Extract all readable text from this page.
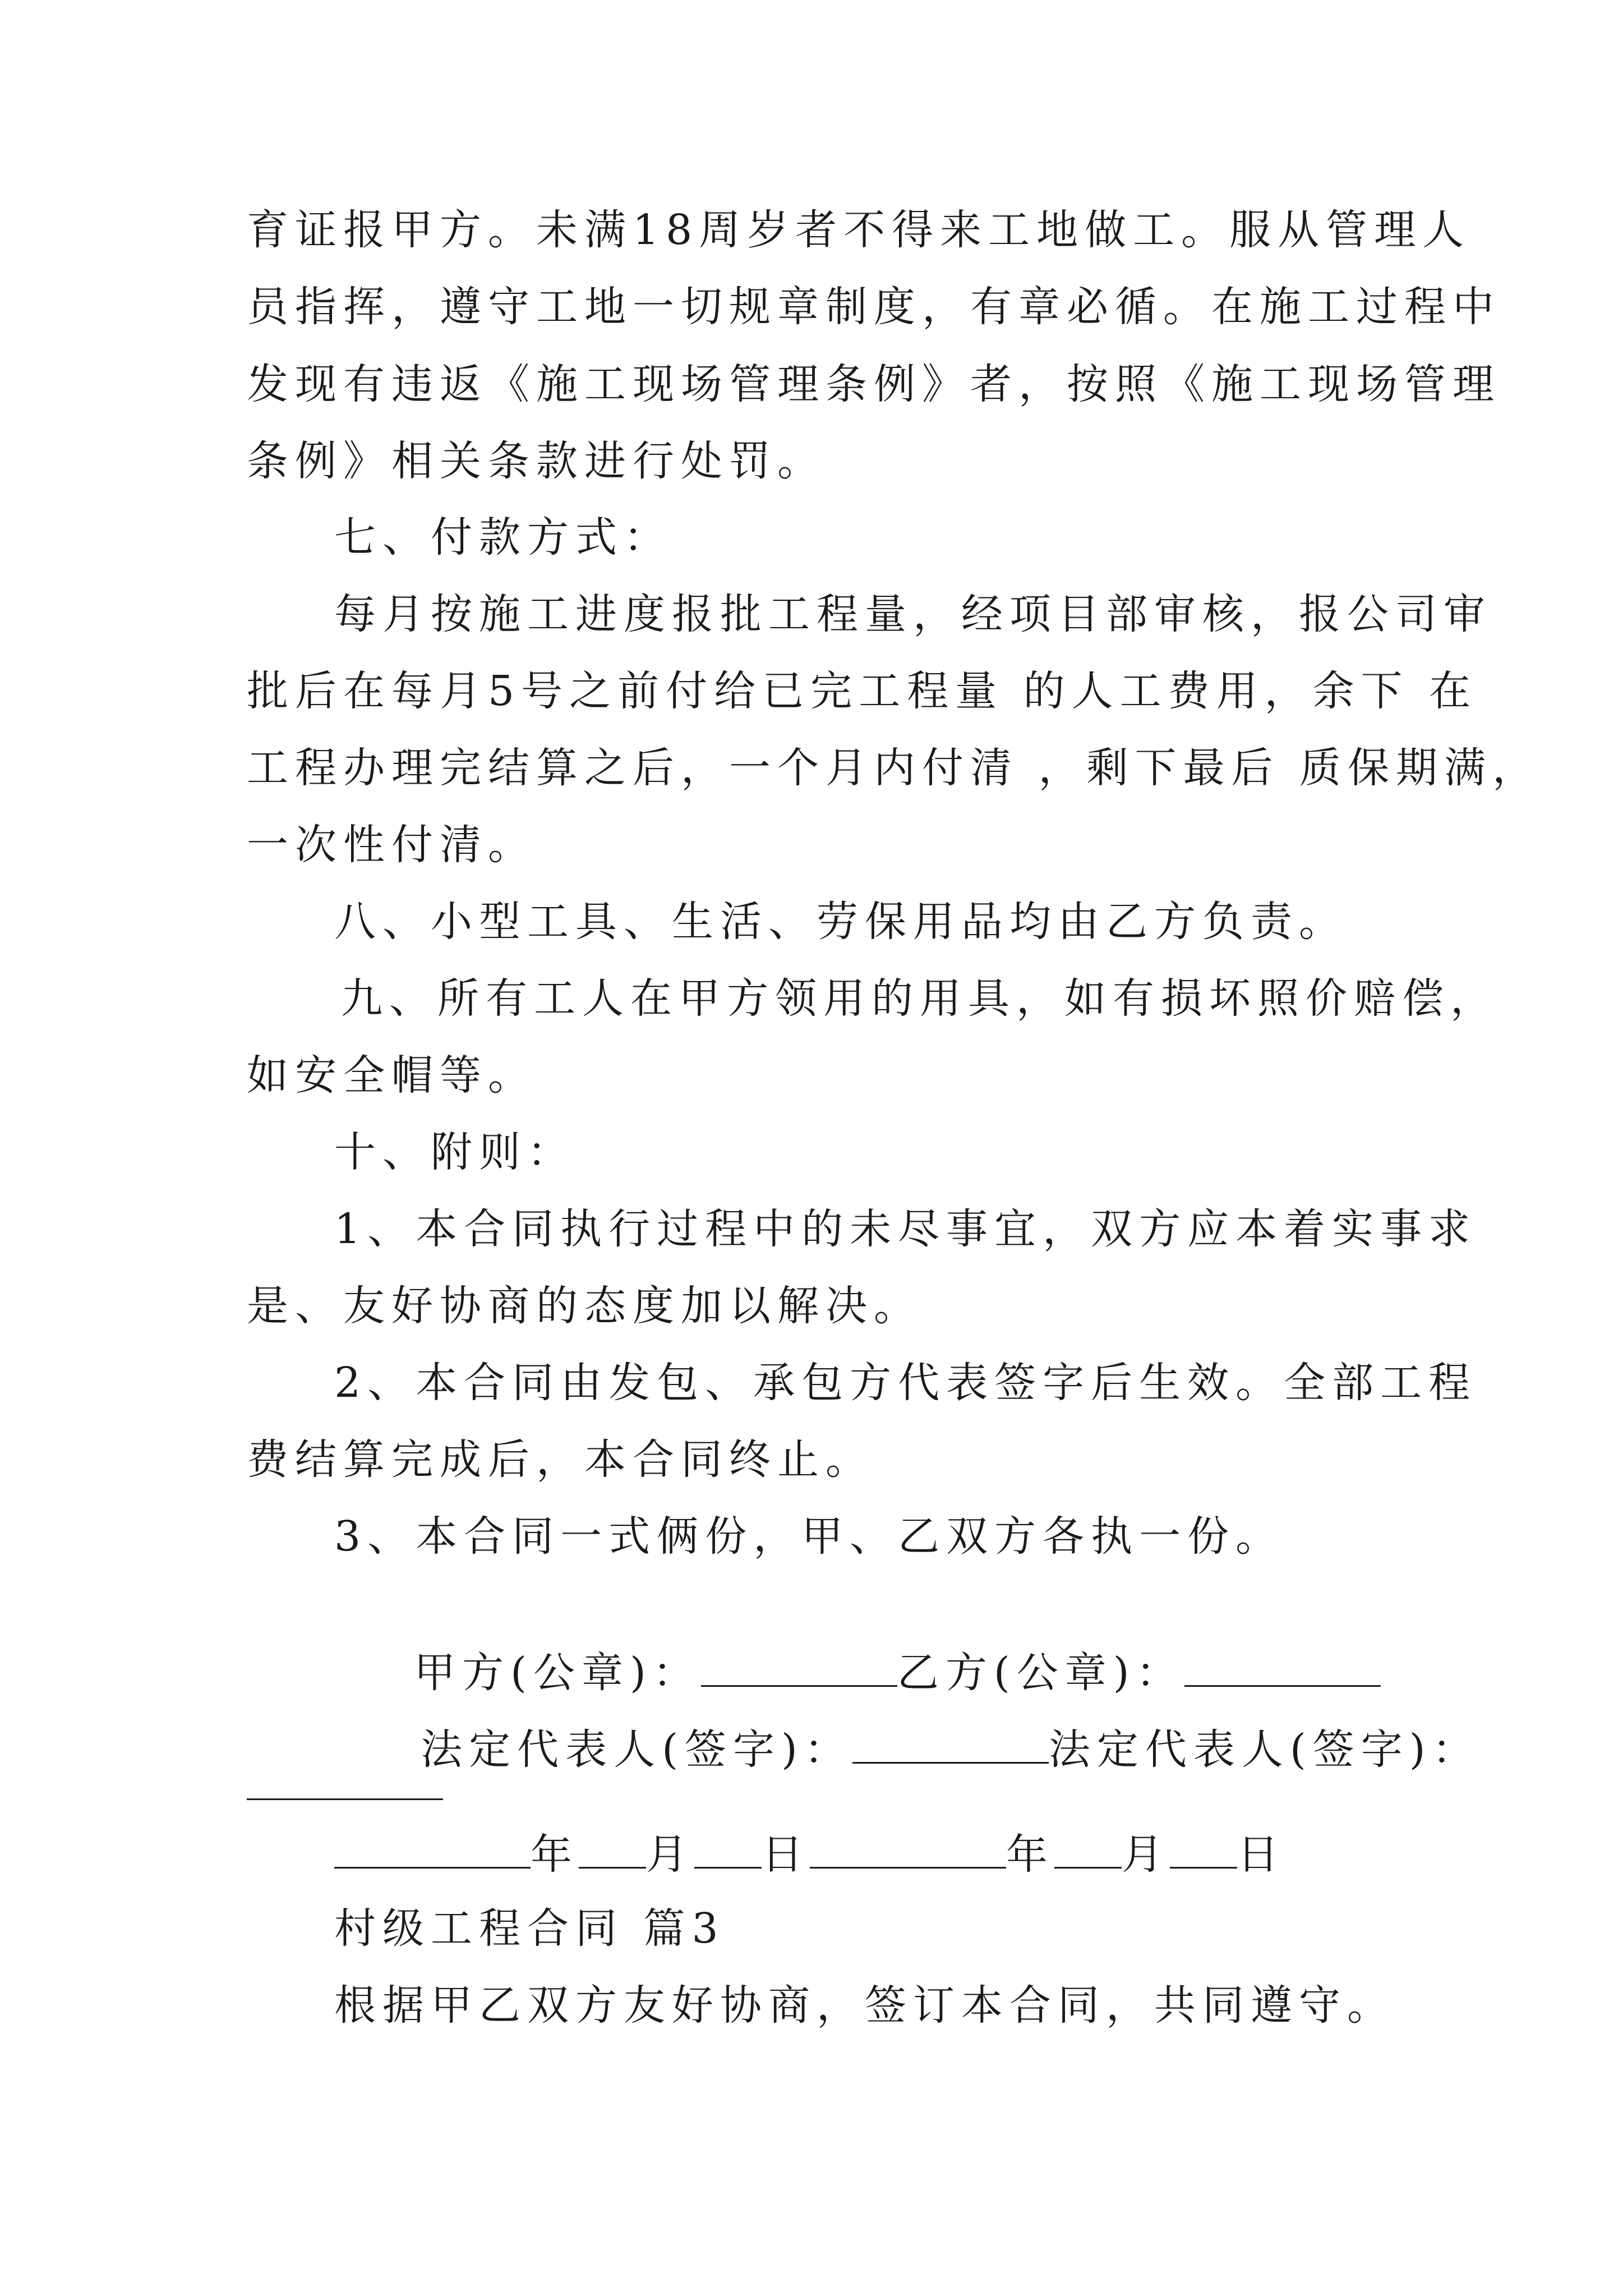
育证报甲方。未满18周岁者不得来工地做工。服从管理人
员指挥，遵守工地一切规章制度，有章必循。在施工过程中
发现有违返《施工现场管理条例》者，按照《施工现场管理
条例》相关条款进行处罚。
七、付款方式：
每月按施工进度报批工程量，经项目部审核，报公司审
批后在每月5号之前付给已完工程量 的人工费用，余下 在
工程办理完结算之后，一个月内付清 ，剩下最后 质保期满，
一次性付清。
八、小型工具、生活、劳保用品均由乙方负责。
九、所有工人在甲方领用的用具，如有损坏照价赔偿，
如安全帽等。
十、附则：
1、本合同执行过程中的未尽事宜，双方应本着实事求
是、友好协商的态度加以解决。
2、本合同由发包、承包方代表签字后生效。全部工程
费结算完成后，本合同终止。
3、本合同一式俩份，甲、乙双方各执一份。

甲方(公章)：	乙方(公章)：

法定代表人(签字)：	法定代表人(签字)：

年 月 日	年 月 日
村级工程合同 篇3
根据甲乙双方友好协商，签订本合同，共同遵守。
